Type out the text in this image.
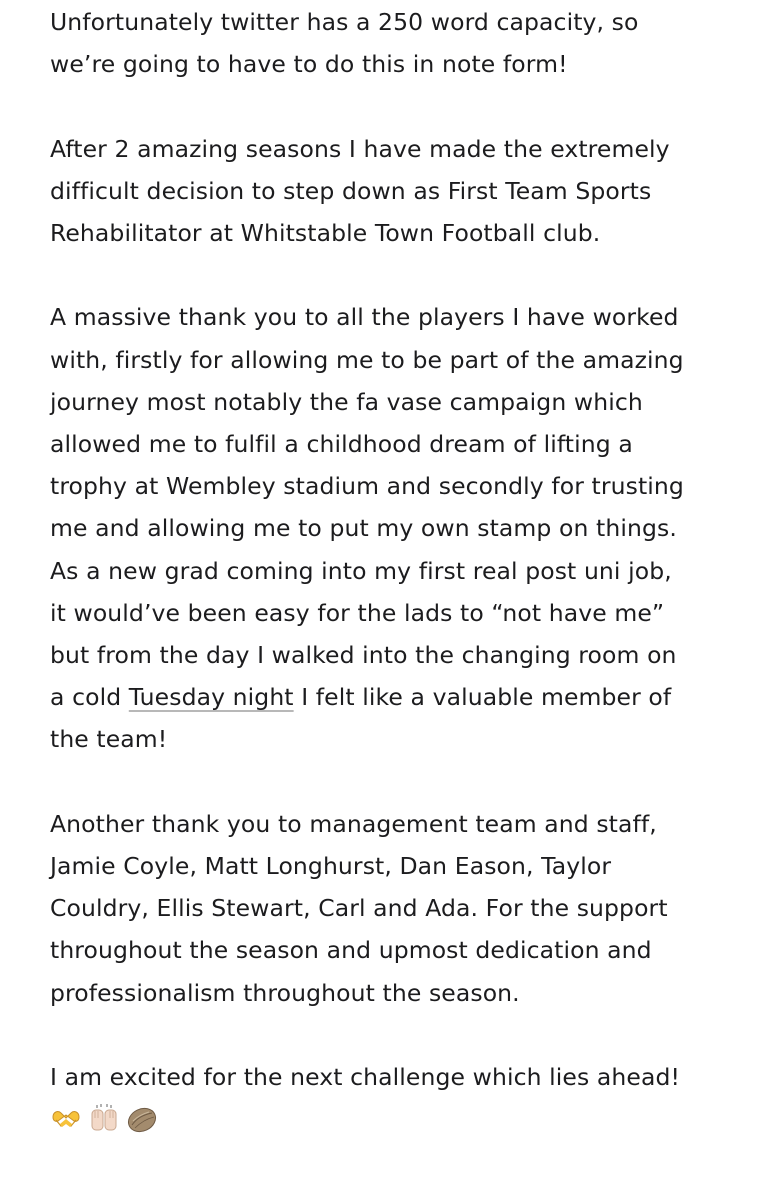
Unfortunately twitter has a 250 word capacity, so
we’re going to have to do this in note form!

After 2 amazing seasons I have made the extremely
difficult decision to step down as First Team Sports
Rehabilitator at Whitstable Town Football club.

A massive thank you to all the players I have worked
with, firstly for allowing me to be part of the amazing
journey most notably the fa vase campaign which
allowed me to fulfil a childhood dream of lifting a
trophy at Wembley stadium and secondly for trusting
me and allowing me to put my own stamp on things.
As a new grad coming into my first real post uni job,
it would’ve been easy for the lads to “not have me”
but from the day I walked into the changing room on
a cold Tuesday night I felt like a valuable member of
the team!

Another thank you to management team and staff,
Jamie Coyle, Matt Longhurst, Dan Eason, Taylor
Couldry, Ellis Stewart, Carl and Ada. For the support
throughout the season and upmost dedication and
professionalism throughout the season.

I am excited for the next challenge which lies ahead!
